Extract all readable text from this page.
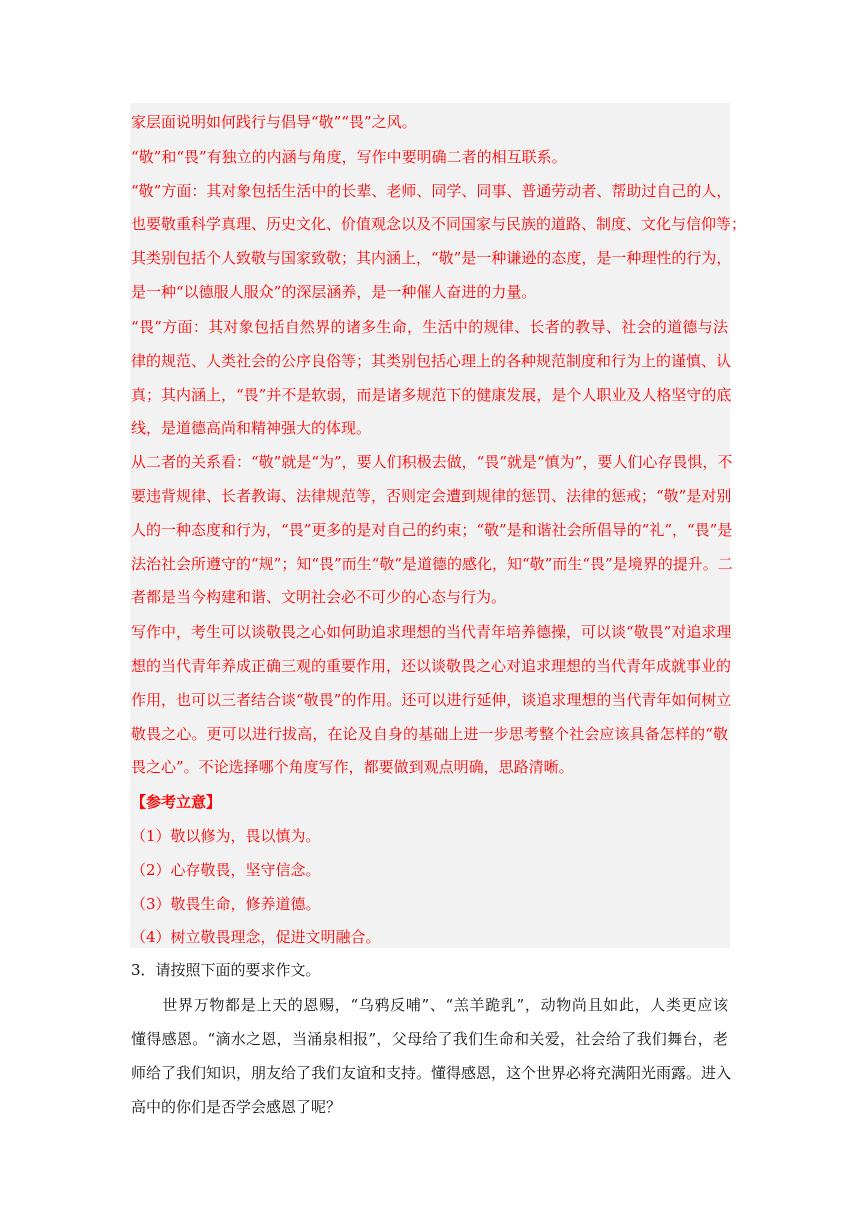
家层面说明如何践行与倡导“敬”“畏”之风。
“敬”和“畏”有独立的内涵与角度，写作中要明确二者的相互联系。
“敬”方面：其对象包括生活中的长辈、老师、同学、同事、普通劳动者、帮助过自己的人，
也要敬重科学真理、历史文化、价值观念以及不同国家与民族的道路、制度、文化与信仰等；
其类别包括个人致敬与国家致敬；其内涵上，“敬”是一种谦逊的态度，是一种理性的行为，
是一种“以德服人服众”的深层涵养，是一种催人奋进的力量。
“畏”方面：其对象包括自然界的诸多生命，生活中的规律、长者的教导、社会的道德与法
律的规范、人类社会的公序良俗等；其类别包括心理上的各种规范制度和行为上的谨慎、认
真；其内涵上，“畏”并不是软弱，而是诸多规范下的健康发展，是个人职业及人格坚守的底
线，是道德高尚和精神强大的体现。
从二者的关系看：“敬”就是“为”，要人们积极去做，“畏”就是“慎为”，要人们心存畏惧，不
要违背规律、长者教诲、法律规范等，否则定会遭到规律的惩罚、法律的惩戒；“敬”是对别
人的一种态度和行为，“畏”更多的是对自己的约束；“敬”是和谐社会所倡导的“礼”，“畏”是
法治社会所遵守的“规”；知“畏”而生“敬”是道德的感化，知“敬”而生“畏”是境界的提升。二
者都是当今构建和谐、文明社会必不可少的心态与行为。
写作中，考生可以谈敬畏之心如何助追求理想的当代青年培养德操，可以谈“敬畏”对追求理
想的当代青年养成正确三观的重要作用，还以谈敬畏之心对追求理想的当代青年成就事业的
作用，也可以三者结合谈“敬畏”的作用。还可以进行延伸，谈追求理想的当代青年如何树立
敬畏之心。更可以进行拔高，在论及自身的基础上进一步思考整个社会应该具备怎样的“敬
畏之心”。不论选择哪个角度写作，都要做到观点明确，思路清晰。
【参考立意】
（1）敬以修为，畏以慎为。
（2）心存敬畏，坚守信念。
（3）敬畏生命，修养道德。
（4）树立敬畏理念，促进文明融合。
3．请按照下面的要求作文。
　　世界万物都是上天的恩赐，“乌鸦反哺”、“羔羊跪乳”，动物尚且如此，人类更应该
懂得感恩。“滴水之恩，当涌泉相报”，父母给了我们生命和关爱，社会给了我们舞台，老
师给了我们知识，朋友给了我们友谊和支持。懂得感恩，这个世界必将充满阳光雨露。进入
高中的你们是否学会感恩了呢？
